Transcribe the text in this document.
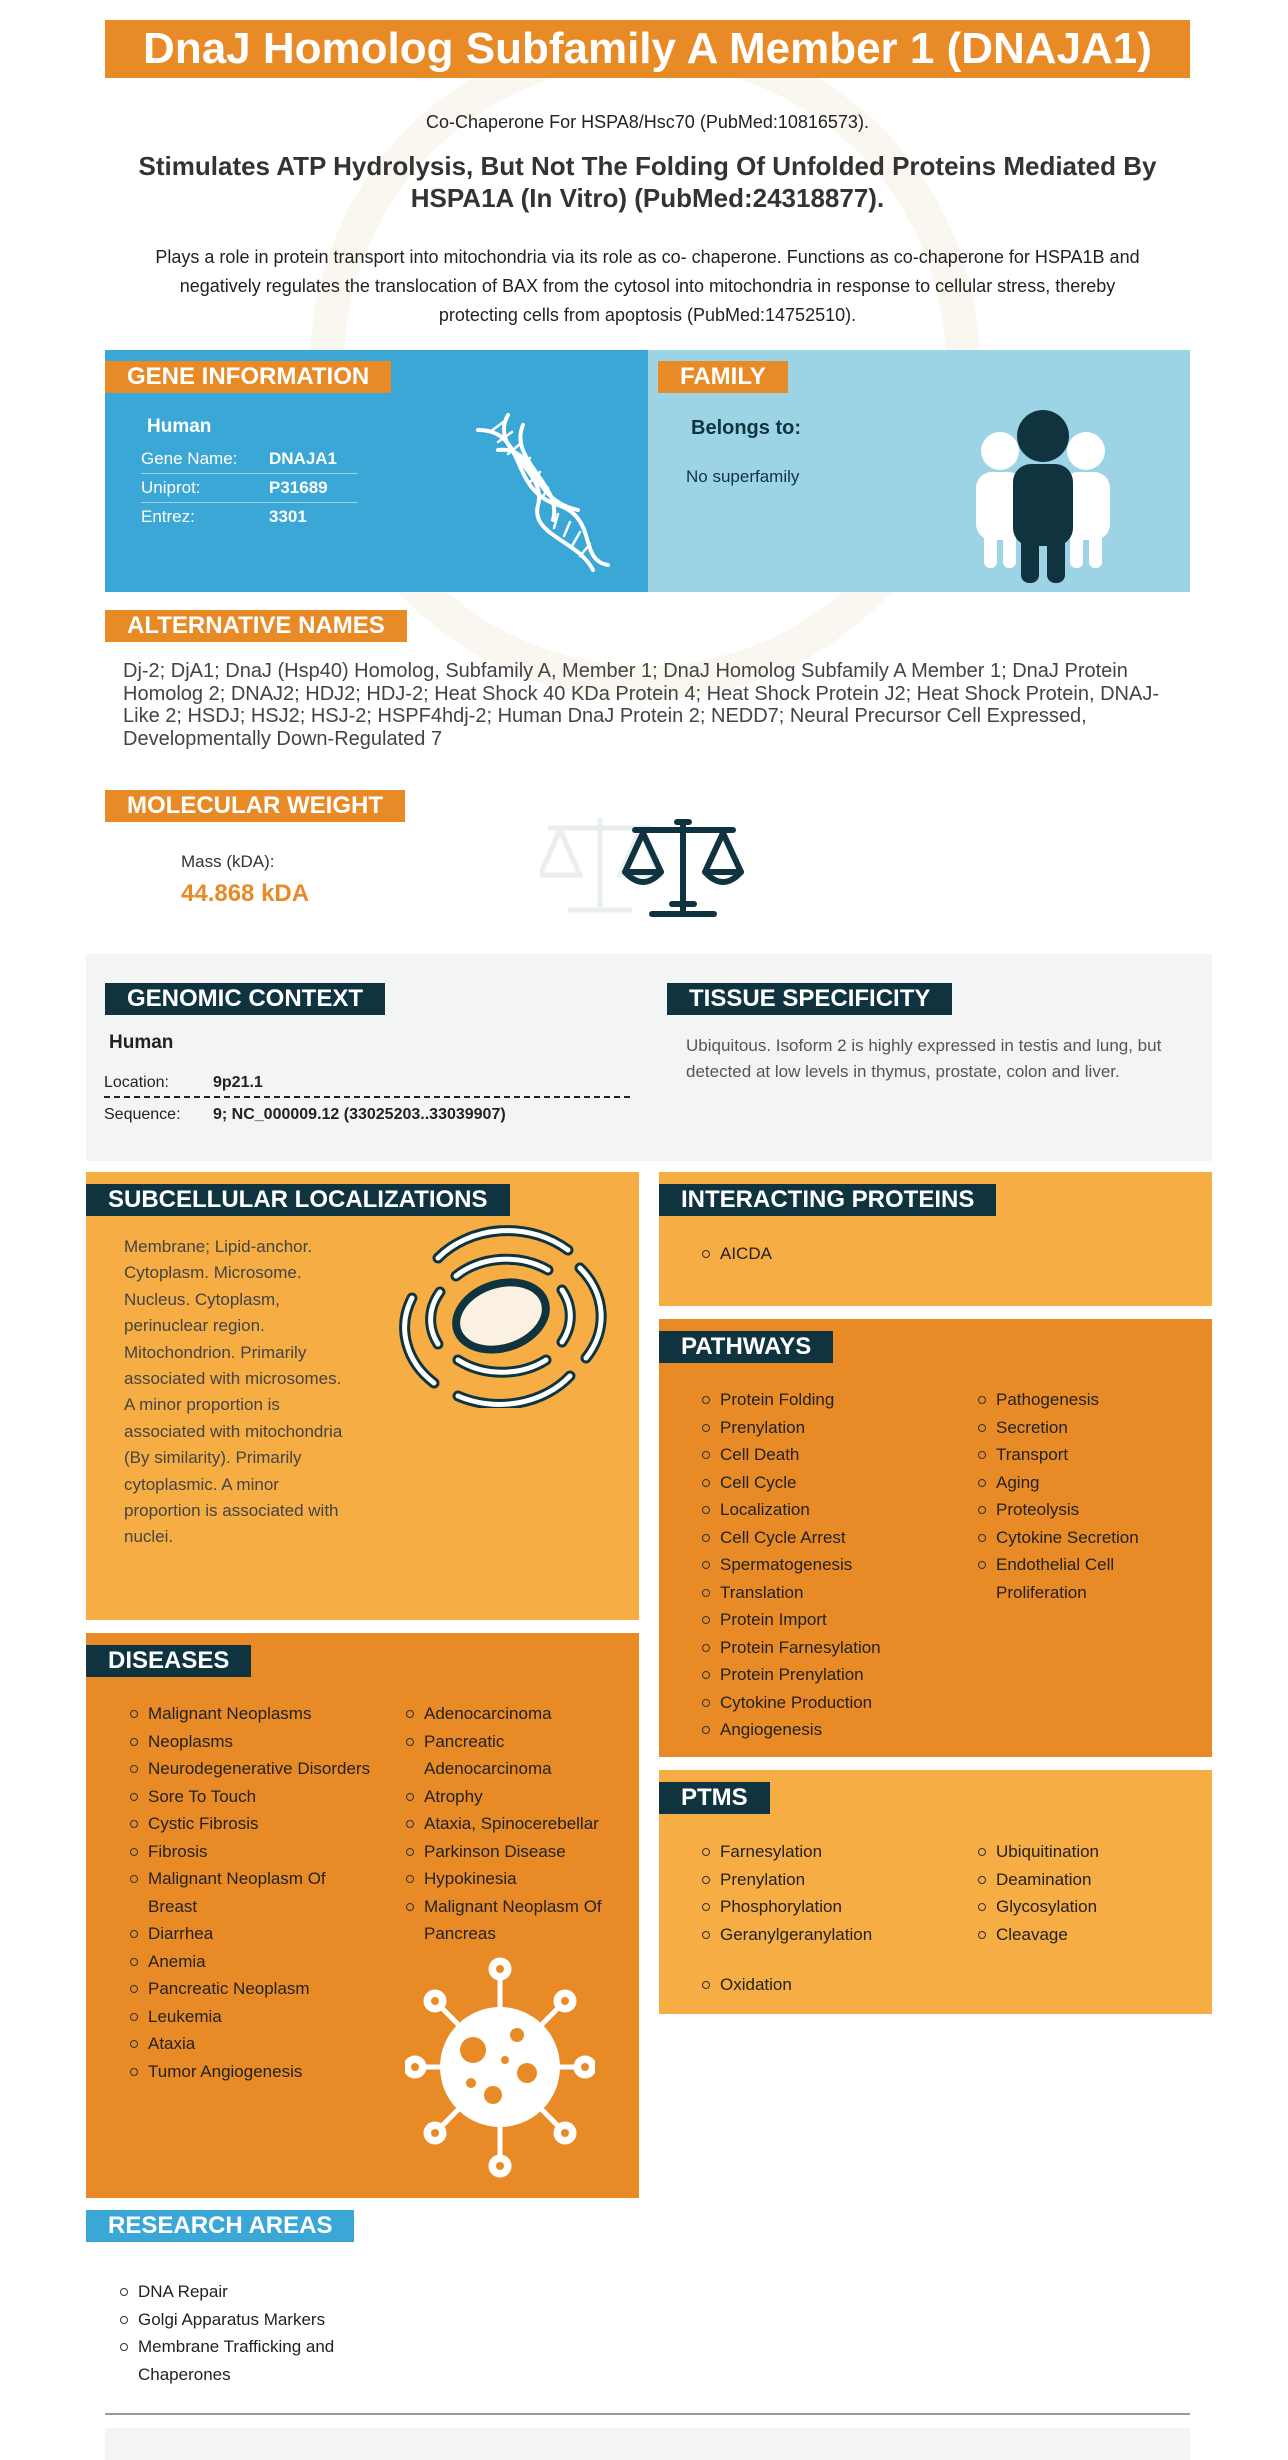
DnaJ Homolog Subfamily A Member 1 (DNAJA1)
Co-Chaperone For HSPA8/Hsc70 (PubMed:10816573).
Stimulates ATP Hydrolysis, But Not The Folding Of Unfolded Proteins Mediated By HSPA1A (In Vitro) (PubMed:24318877).
Plays a role in protein transport into mitochondria via its role as co- chaperone. Functions as co-chaperone for HSPA1B and negatively regulates the translocation of BAX from the cytosol into mitochondria in response to cellular stress, thereby protecting cells from apoptosis (PubMed:14752510).
GENE INFORMATION
Human
Gene Name: DNAJA1
Uniprot:	P31689
Entrez:	3301
FAMILY
Belongs to:
No superfamily
ALTERNATIVE NAMES
Dj-2; DjA1; DnaJ (Hsp40) Homolog, Subfamily A, Member 1; DnaJ Homolog Subfamily A Member 1; DnaJ Protein Homolog 2; DNAJ2; HDJ2; HDJ-2; Heat Shock 40 KDa Protein 4; Heat Shock Protein J2; Heat Shock Protein, DNAJ-Like 2; HSDJ; HSJ2; HSJ-2; HSPF4hdj-2; Human DnaJ Protein 2; NEDD7; Neural Precursor Cell Expressed, Developmentally Down-Regulated 7
MOLECULAR WEIGHT
Mass (kDA):
44.868 kDA
GENOMIC CONTEXT
Human
Location:	9p21.1
Sequence: 9; NC_000009.12 (33025203..33039907)
TISSUE SPECIFICITY
Ubiquitous. Isoform 2 is highly expressed in testis and lung, but detected at low levels in thymus, prostate, colon and liver.
SUBCELLULAR LOCALIZATIONS
Membrane; Lipid-anchor. Cytoplasm. Microsome. Nucleus. Cytoplasm, perinuclear region. Mitochondrion. Primarily associated with microsomes. A minor proportion is associated with mitochondria (By similarity). Primarily cytoplasmic. A minor proportion is associated with nuclei.
INTERACTING PROTEINS
AICDA
PATHWAYS
Protein Folding
Prenylation
Cell Death
Cell Cycle
Localization
Cell Cycle Arrest
Spermatogenesis
Translation
Protein Import
Protein Farnesylation
Protein Prenylation
Cytokine Production
Angiogenesis
Pathogenesis
Secretion
Transport
Aging
Proteolysis
Cytokine Secretion
Endothelial Cell Proliferation
DISEASES
Malignant Neoplasms
Neoplasms
Neurodegenerative Disorders
Sore To Touch
Cystic Fibrosis
Fibrosis
Malignant Neoplasm Of Breast
Diarrhea
Anemia
Pancreatic Neoplasm
Leukemia
Ataxia
Tumor Angiogenesis
Adenocarcinoma
Pancreatic Adenocarcinoma
Atrophy
Ataxia, Spinocerebellar
Parkinson Disease
Hypokinesia
Malignant Neoplasm Of Pancreas
PTMS
Farnesylation
Prenylation
Phosphorylation
Geranylgeranylation
Ubiquitination
Deamination
Glycosylation
Cleavage
Oxidation
RESEARCH AREAS
DNA Repair
Golgi Apparatus Markers
Membrane Trafficking and Chaperones
